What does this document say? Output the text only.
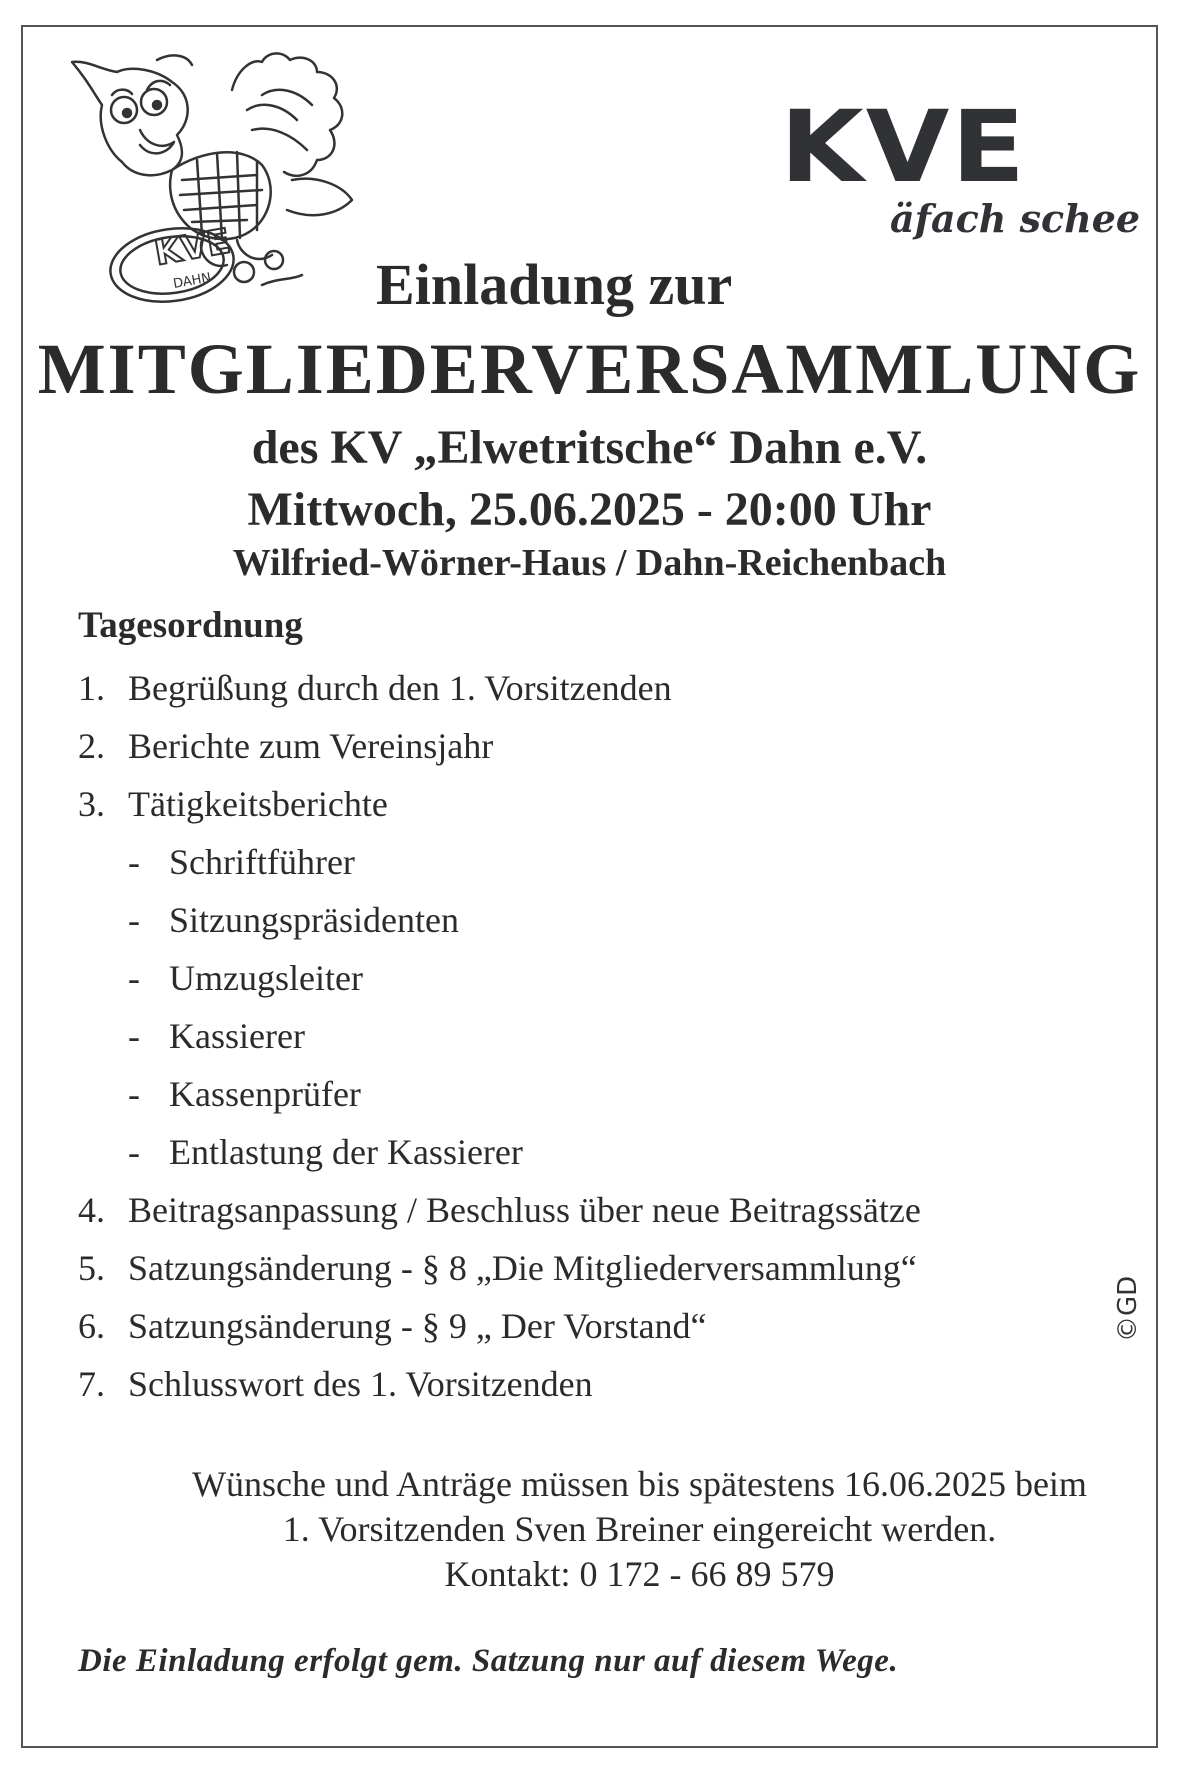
KVE
DAHN
KVE
äfach schee
Einladung zur
MITGLIEDERVERSAMMLUNG
des KV „Elwetritsche“ Dahn e.V.
Mittwoch, 25.06.2025 - 20:00 Uhr
Wilfried-Wörner-Haus / Dahn-Reichenbach
Tagesordnung
1. Begrüßung durch den 1. Vorsitzenden
2. Berichte zum Vereinsjahr
3. Tätigkeitsberichte
- Schriftführer
- Sitzungspräsidenten
- Umzugsleiter
- Kassierer
- Kassenprüfer
- Entlastung der Kassierer
4. Beitragsanpassung / Beschluss über neue Beitragssätze
5. Satzungsänderung - § 8 „Die Mitgliederversammlung“
6. Satzungsänderung - § 9 „ Der Vorstand“
7. Schlusswort des 1. Vorsitzenden
©GD
Wünsche und Anträge müssen bis spätestens 16.06.2025 beim
1. Vorsitzenden Sven Breiner eingereicht werden.
Kontakt: 0 172 - 66 89 579
Die Einladung erfolgt gem. Satzung nur auf diesem Wege.
